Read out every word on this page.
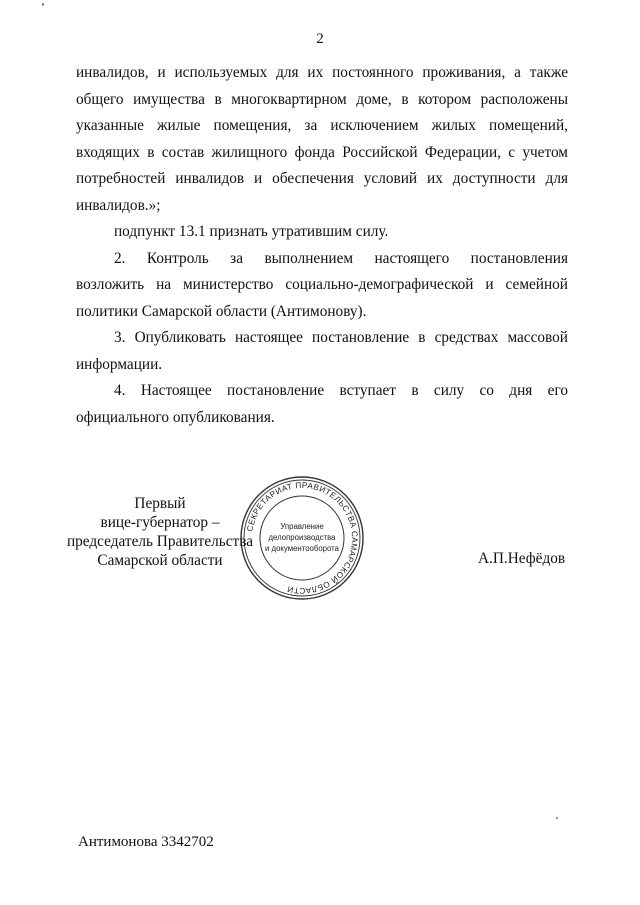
2
инвалидов, и используемых для их постоянного проживания, а также
общего имущества в многоквартирном доме, в котором расположены
указанные жилые помещения, за исключением жилых помещений,
входящих в состав жилищного фонда Российской Федерации, с учетом
потребностей инвалидов и обеспечения условий их доступности для
инвалидов.»;
подпункт 13.1 признать утратившим силу.
2. Контроль за выполнением настоящего постановления
возложить на министерство социально-демографической и семейной
политики Самарской области (Антимонову).
3. Опубликовать настоящее постановление в средствах массовой
информации.
4. Настоящее постановление вступает в силу со дня его
официального опубликования.
СЕКРЕТАРИАТ ПРАВИТЕЛЬСТВА САМАРСКОЙ ОБЛАСТИ
Управление
делопроизводства
и документооборота
Первый
вице-губернатор –
председатель Правительства
Самарской области	А.П.Нефёдов
Антимонова 3342702
